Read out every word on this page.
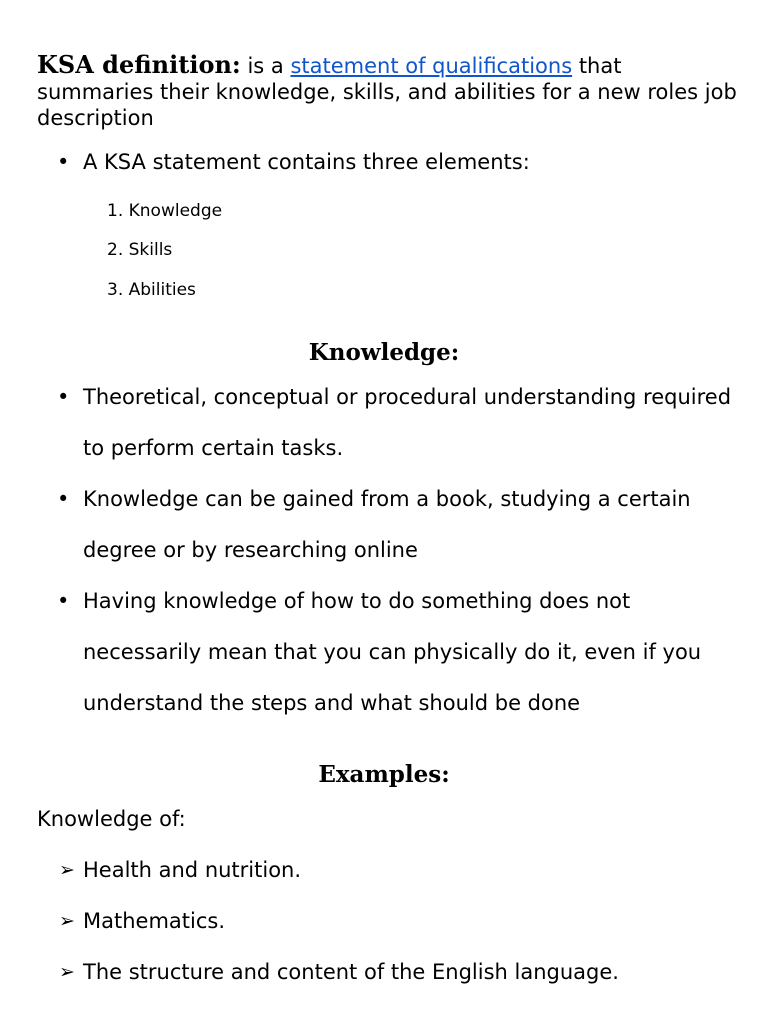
KSA definition: is a statement of qualifications that summaries their knowledge, skills, and abilities for a new roles job description
• A KSA statement contains three elements:
1. Knowledge
2. Skills
3. Abilities
Knowledge:
• Theoretical, conceptual or procedural understanding required to perform certain tasks.
• Knowledge can be gained from a book, studying a certain degree or by researching online
• Having knowledge of how to do something does not necessarily mean that you can physically do it, even if you understand the steps and what should be done
Examples:
Knowledge of:
➢ Health and nutrition.
➢ Mathematics.
➢ The structure and content of the English language.
